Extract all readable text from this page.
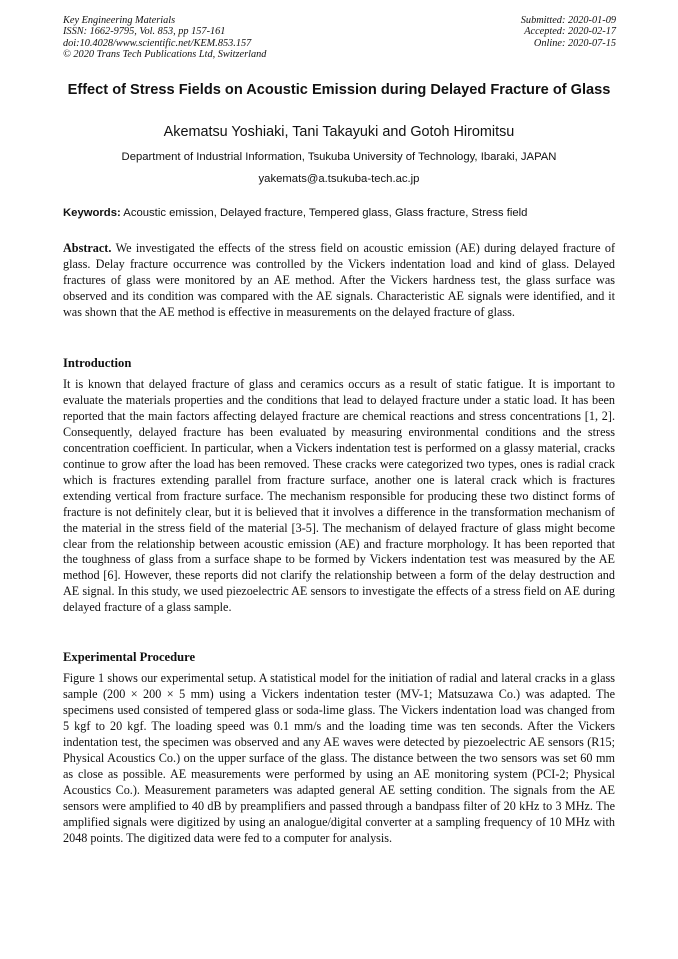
Key Engineering Materials
ISSN: 1662-9795, Vol. 853, pp 157-161
doi:10.4028/www.scientific.net/KEM.853.157
© 2020 Trans Tech Publications Ltd, Switzerland
Submitted: 2020-01-09
Accepted: 2020-02-17
Online: 2020-07-15
Effect of Stress Fields on Acoustic Emission during Delayed Fracture of Glass
Akematsu Yoshiaki, Tani Takayuki and Gotoh Hiromitsu
Department of Industrial Information, Tsukuba University of Technology, Ibaraki, JAPAN
yakemats@a.tsukuba-tech.ac.jp
Keywords: Acoustic emission, Delayed fracture, Tempered glass, Glass fracture, Stress field

Abstract. We investigated the effects of the stress field on acoustic emission (AE) during delayed fracture of glass. Delay fracture occurrence was controlled by the Vickers indentation load and kind of glass. Delayed fractures of glass were monitored by an AE method. After the Vickers hardness test, the glass surface was observed and its condition was compared with the AE signals. Characteristic AE signals were identified, and it was shown that the AE method is effective in measurements on the delayed fracture of glass.

Introduction

It is known that delayed fracture of glass and ceramics occurs as a result of static fatigue. It is important to evaluate the materials properties and the conditions that lead to delayed fracture under a static load. It has been reported that the main factors affecting delayed fracture are chemical reactions and stress concentrations [1, 2]. Consequently, delayed fracture has been evaluated by measuring environmental conditions and the stress concentration coefficient. In particular, when a Vickers indentation test is performed on a glassy material, cracks continue to grow after the load has been removed. These cracks were categorized two types, ones is radial crack which is fractures extending parallel from fracture surface, another one is lateral crack which is fractures extending vertical from fracture surface. The mechanism responsible for producing these two distinct forms of fracture is not definitely clear, but it is believed that it involves a difference in the transformation mechanism of the material in the stress field of the material [3-5]. The mechanism of delayed fracture of glass might become clear from the relationship between acoustic emission (AE) and fracture morphology. It has been reported that the toughness of glass from a surface shape to be formed by Vickers indentation test was measured by the AE method [6]. However, these reports did not clarify the relationship between a form of the delay destruction and AE signal. In this study, we used piezoelectric AE sensors to investigate the effects of a stress field on AE during delayed fracture of a glass sample.

Experimental Procedure

Figure 1 shows our experimental setup. A statistical model for the initiation of radial and lateral cracks in a glass sample (200 × 200 × 5 mm) using a Vickers indentation tester (MV-1; Matsuzawa Co.) was adapted. The specimens used consisted of tempered glass or soda-lime glass. The Vickers indentation load was changed from 5 kgf to 20 kgf. The loading speed was 0.1 mm/s and the loading time was ten seconds. After the Vickers indentation test, the specimen was observed and any AE waves were detected by piezoelectric AE sensors (R15; Physical Acoustics Co.) on the upper surface of the glass. The distance between the two sensors was set 60 mm as close as possible. AE measurements were performed by using an AE monitoring system (PCI-2; Physical Acoustics Co.). Measurement parameters was adapted general AE setting condition. The signals from the AE sensors were amplified to 40 dB by preamplifiers and passed through a bandpass filter of 20 kHz to 3 MHz. The amplified signals were digitized by using an analogue/digital converter at a sampling frequency of 10 MHz with 2048 points. The digitized data were fed to a computer for analysis.
